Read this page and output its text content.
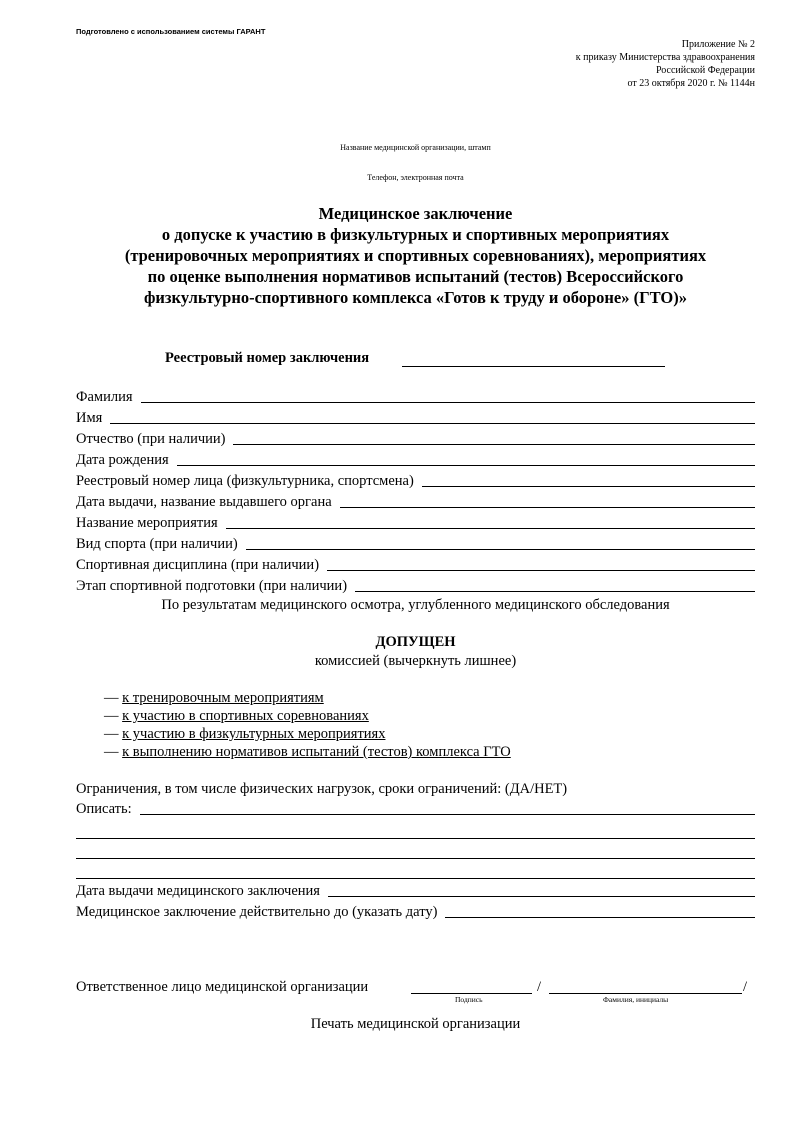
Подготовлено с использованием системы ГАРАНТ
Приложение № 2
к приказу Министерства здравоохранения
Российской Федерации
от 23 октября 2020 г. № 1144н
Название медицинской организации, штамп
Телефон, электронная почта
Медицинское заключение
о допуске к участию в физкультурных и спортивных мероприятиях
(тренировочных мероприятиях и спортивных соревнованиях), мероприятиях
по оценке выполнения нормативов испытаний (тестов) Всероссийского
физкультурно-спортивного комплекса «Готов к труду и обороне» (ГТО)»
Реестровый номер заключения
Фамилия
Имя
Отчество (при наличии)
Дата рождения
Реестровый номер лица (физкультурника, спортсмена)
Дата выдачи, название выдавшего органа
Название мероприятия
Вид спорта (при наличии)
Спортивная дисциплина (при наличии)
Этап спортивной подготовки (при наличии)
По результатам медицинского осмотра, углубленного медицинского обследования
ДОПУЩЕН
комиссией (вычеркнуть лишнее)
— к тренировочным мероприятиям
— к участию в спортивных соревнованиях
— к участию в физкультурных мероприятиях
— к выполнению нормативов испытаний (тестов) комплекса ГТО
Ограничения, в том числе физических нагрузок, сроки ограничений: (ДА/НЕТ)
Описать:
Дата выдачи медицинского заключения
Медицинское заключение действительно до (указать дату)
Ответственное лицо медицинской организации	/	/
Подпись	Фамилия, инициалы
Печать медицинской организации
